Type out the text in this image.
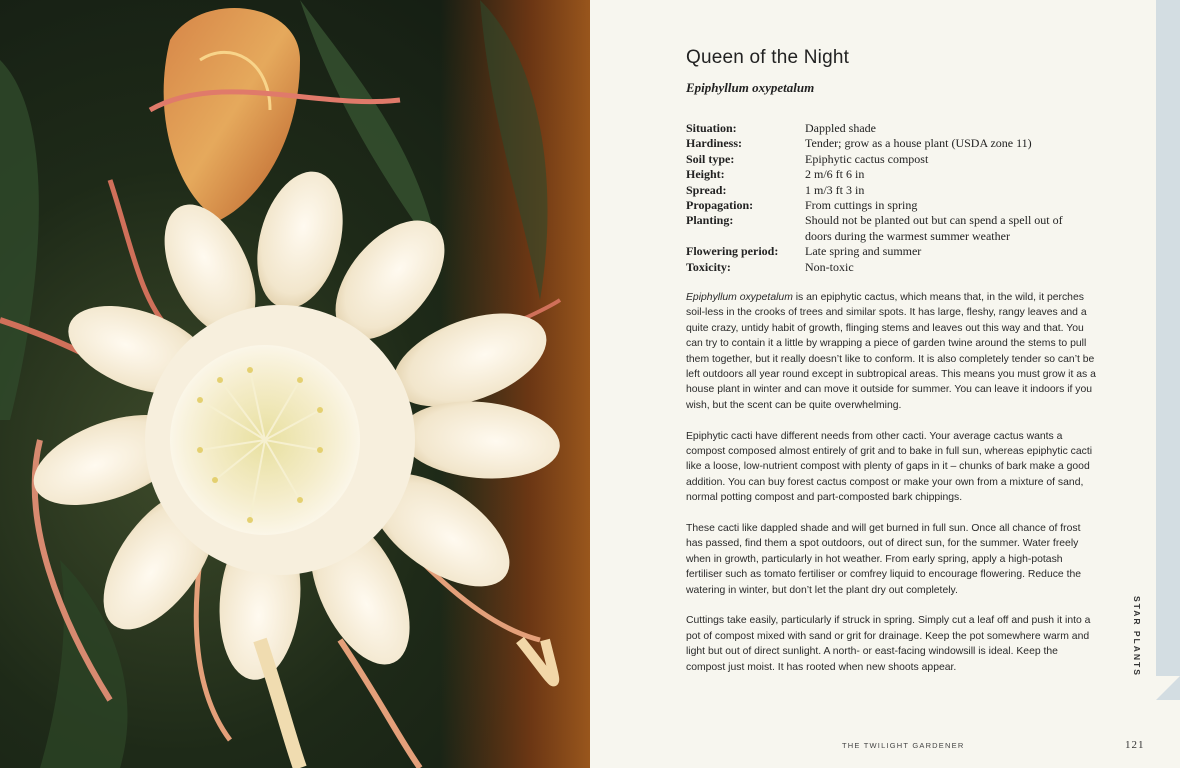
Queen of the Night
Epiphyllum oxypetalum
Situation:	Dappled shade
Hardiness:	Tender; grow as a house plant (USDA zone 11)
Soil type:	Epiphytic cactus compost
Height:	2 m/6 ft 6 in
Spread:	1 m/3 ft 3 in
Propagation:	From cuttings in spring
Planting:	Should not be planted out but can spend a spell out of doors during the warmest summer weather
Flowering period:	Late spring and summer
Toxicity:	Non-toxic

Epiphyllum oxypetalum is an epiphytic cactus, which means that, in the wild, it perches soil-less in the crooks of trees and similar spots. It has large, fleshy, rangy leaves and a quite crazy, untidy habit of growth, flinging stems and leaves out this way and that. You can try to contain it a little by wrapping a piece of garden twine around the stems to pull them together, but it really doesn’t like to conform. It is also completely tender so can’t be left outdoors all year round except in subtropical areas. This means you must grow it as a house plant in winter and can move it outside for summer. You can leave it indoors if you wish, but the scent can be quite overwhelming.

Epiphytic cacti have different needs from other cacti. Your average cactus wants a compost composed almost entirely of grit and to bake in full sun, whereas epiphytic cacti like a loose, low-nutrient compost with plenty of gaps in it – chunks of bark make a good addition. You can buy forest cactus compost or make your own from a mixture of sand, normal potting compost and part-composted bark chippings.

These cacti like dappled shade and will get burned in full sun. Once all chance of frost has passed, find them a spot outdoors, out of direct sun, for the summer. Water freely when in growth, particularly in hot weather. From early spring, apply a high-potash fertiliser such as tomato fertiliser or comfrey liquid to encourage flowering. Reduce the watering in winter, but don’t let the plant dry out completely.

Cuttings take easily, particularly if struck in spring. Simply cut a leaf off and push it into a pot of compost mixed with sand or grit for drainage. Keep the pot somewhere warm and light but out of direct sunlight. A north- or east-facing windowsill is ideal. Keep the compost just moist. It has rooted when new shoots appear.	STAR PLANTS
THE TWILIGHT GARDENER	121
